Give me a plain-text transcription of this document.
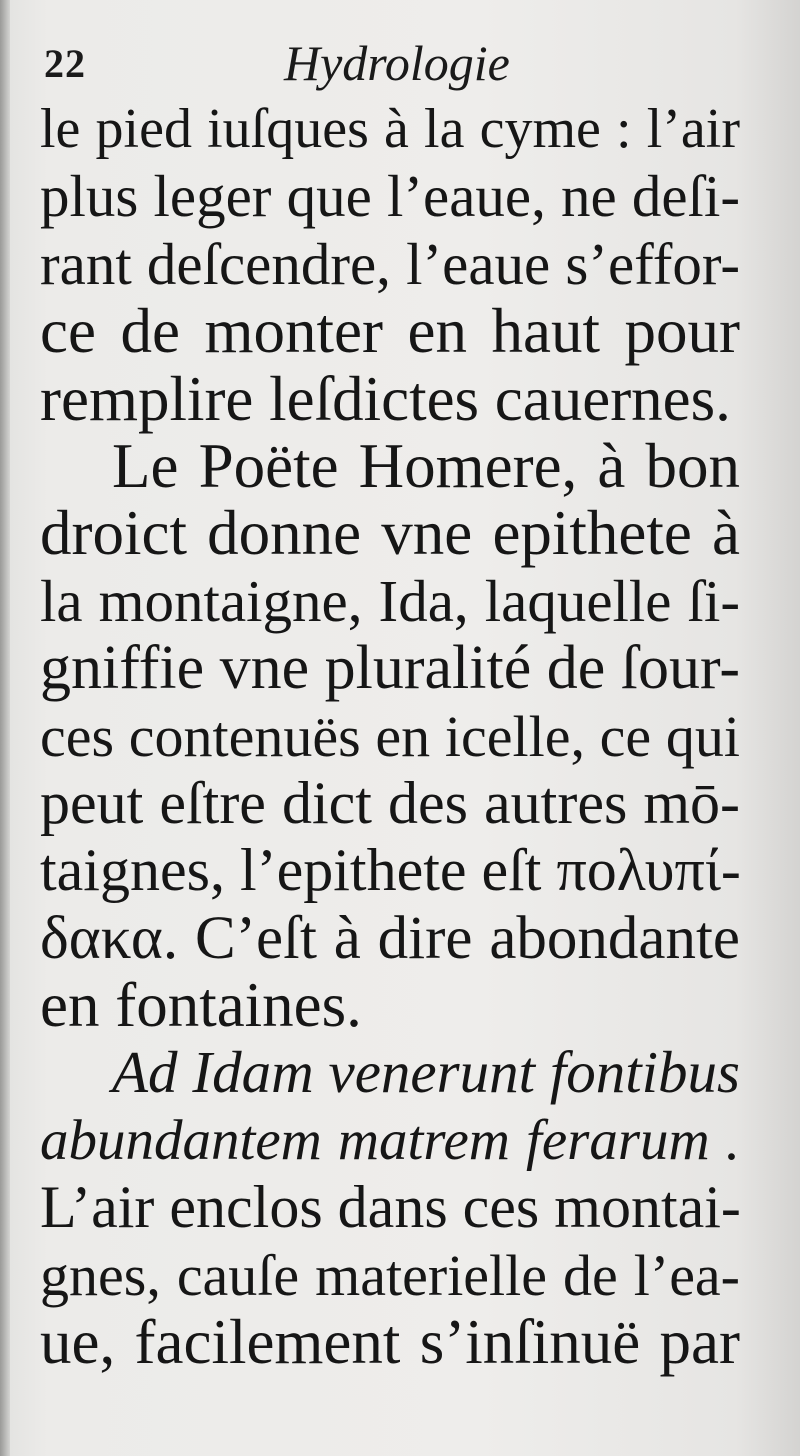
22	Hydrologie
le pied iuſques à la cyme : l’air
plus leger que l’eaue, ne deſi-
rant deſcendre, l’eaue s’effor-
ce de monter en haut pour
remplire leſdictes cauernes.
Le Poëte Homere, à bon
droict donne vne epithete à
la montaigne, Ida, laquelle ſi-
gniffie vne pluralité de ſour-
ces contenuës en icelle, ce qui
peut eſtre dict des autres mō-
taignes, l’epithete eſt πολυπί-
δακα. C’eſt à dire abondante
en fontaines.
Ad Idam venerunt fontibus
abundantem matrem ferarum .
L’air enclos dans ces montai-
gnes, cauſe materielle de l’ea-
ue, facilement s’inſinuë par
